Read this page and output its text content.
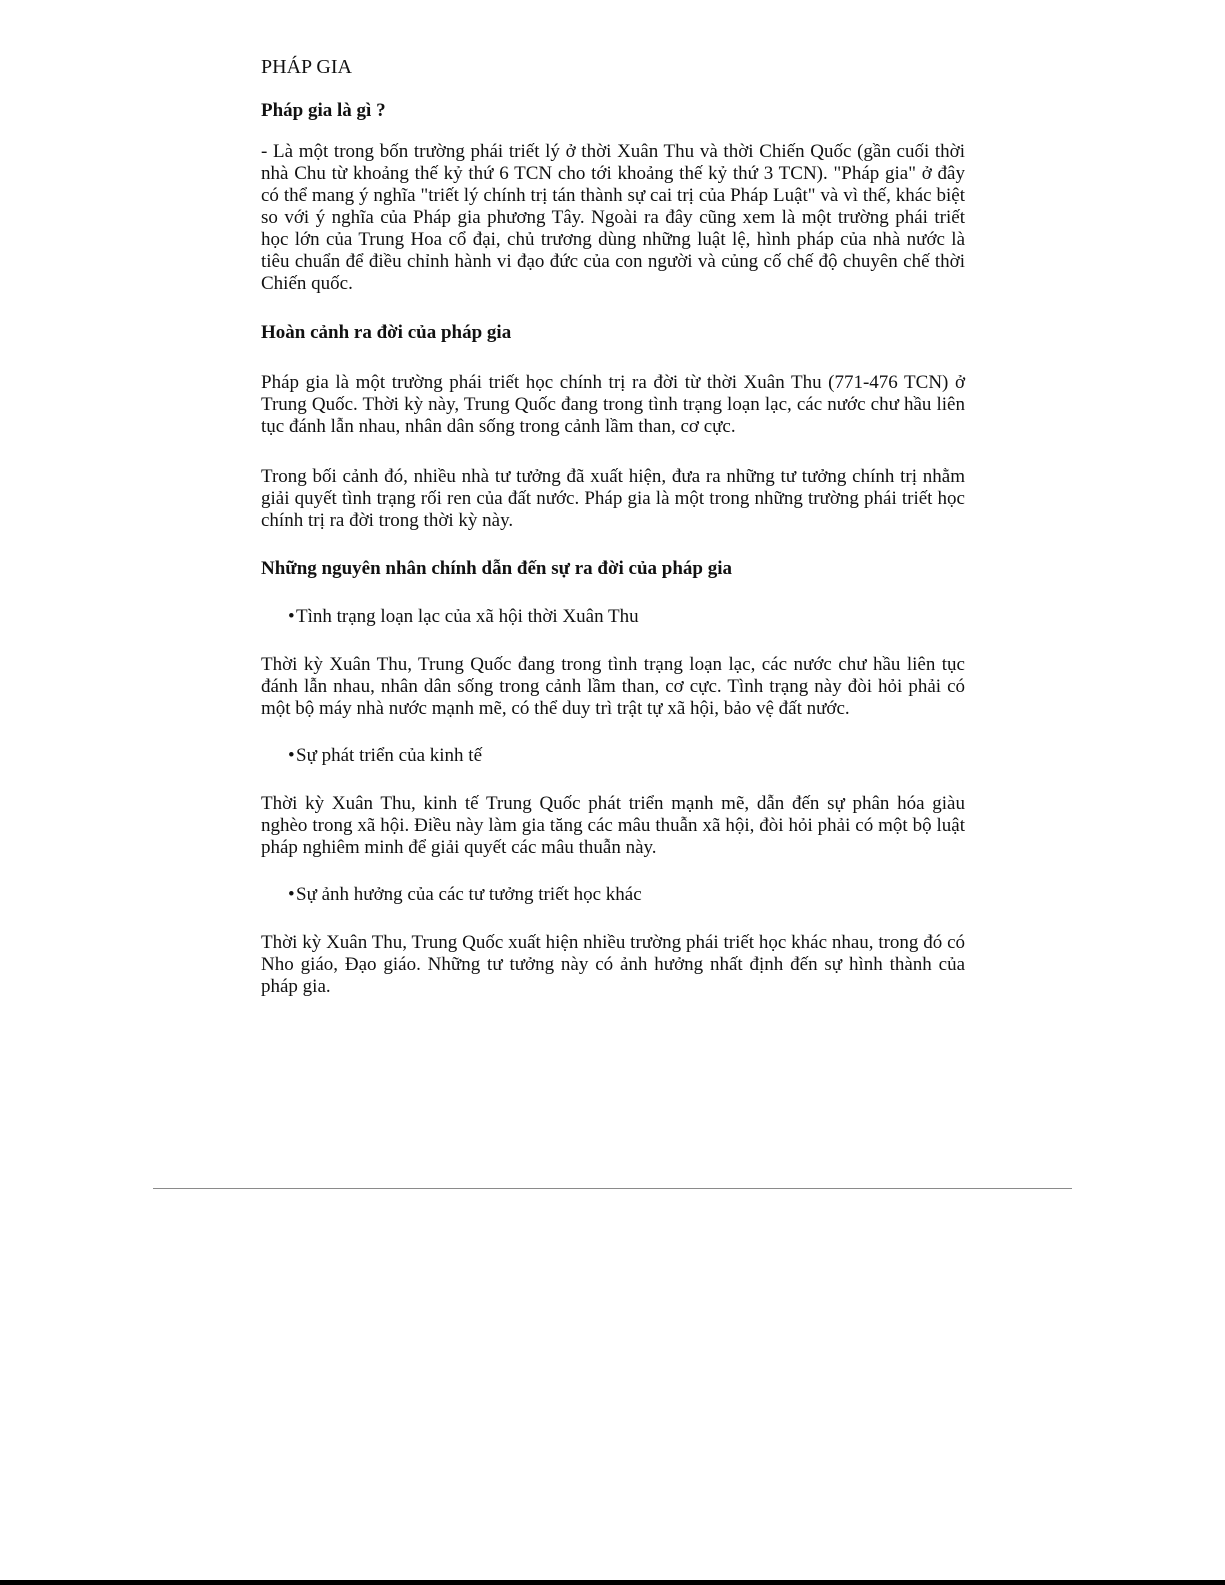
PHÁP GIA
Pháp gia là gì ?

- Là một trong bốn trường phái triết lý ở thời Xuân Thu và thời Chiến Quốc (gần cuối thời nhà Chu từ khoảng thế kỷ thứ 6 TCN cho tới khoảng thế kỷ thứ 3 TCN). "Pháp gia" ở đây có thể mang ý nghĩa "triết lý chính trị tán thành sự cai trị của Pháp Luật" và vì thế, khác biệt so với ý nghĩa của Pháp gia phương Tây. Ngoài ra đây cũng xem là một trường phái triết học lớn của Trung Hoa cổ đại, chủ trương dùng những luật lệ, hình pháp của nhà nước là tiêu chuẩn để điều chỉnh hành vi đạo đức của con người và củng cố chế độ chuyên chế thời Chiến quốc.

Hoàn cảnh ra đời của pháp gia

Pháp gia là một trường phái triết học chính trị ra đời từ thời Xuân Thu (771-476 TCN) ở Trung Quốc. Thời kỳ này, Trung Quốc đang trong tình trạng loạn lạc, các nước chư hầu liên tục đánh lẫn nhau, nhân dân sống trong cảnh lầm than, cơ cực.

Trong bối cảnh đó, nhiều nhà tư tưởng đã xuất hiện, đưa ra những tư tưởng chính trị nhằm giải quyết tình trạng rối ren của đất nước. Pháp gia là một trong những trường phái triết học chính trị ra đời trong thời kỳ này.

Những nguyên nhân chính dẫn đến sự ra đời của pháp gia
•Tình trạng loạn lạc của xã hội thời Xuân Thu

Thời kỳ Xuân Thu, Trung Quốc đang trong tình trạng loạn lạc, các nước chư hầu liên tục đánh lẫn nhau, nhân dân sống trong cảnh lầm than, cơ cực. Tình trạng này đòi hỏi phải có một bộ máy nhà nước mạnh mẽ, có thể duy trì trật tự xã hội, bảo vệ đất nước.

•Sự phát triển của kinh tế

Thời kỳ Xuân Thu, kinh tế Trung Quốc phát triển mạnh mẽ, dẫn đến sự phân hóa giàu nghèo trong xã hội. Điều này làm gia tăng các mâu thuẫn xã hội, đòi hỏi phải có một bộ luật pháp nghiêm minh để giải quyết các mâu thuẫn này.

•Sự ảnh hưởng của các tư tưởng triết học khác

Thời kỳ Xuân Thu, Trung Quốc xuất hiện nhiều trường phái triết học khác nhau, trong đó có Nho giáo, Đạo giáo. Những tư tưởng này có ảnh hưởng nhất định đến sự hình thành của pháp gia.
